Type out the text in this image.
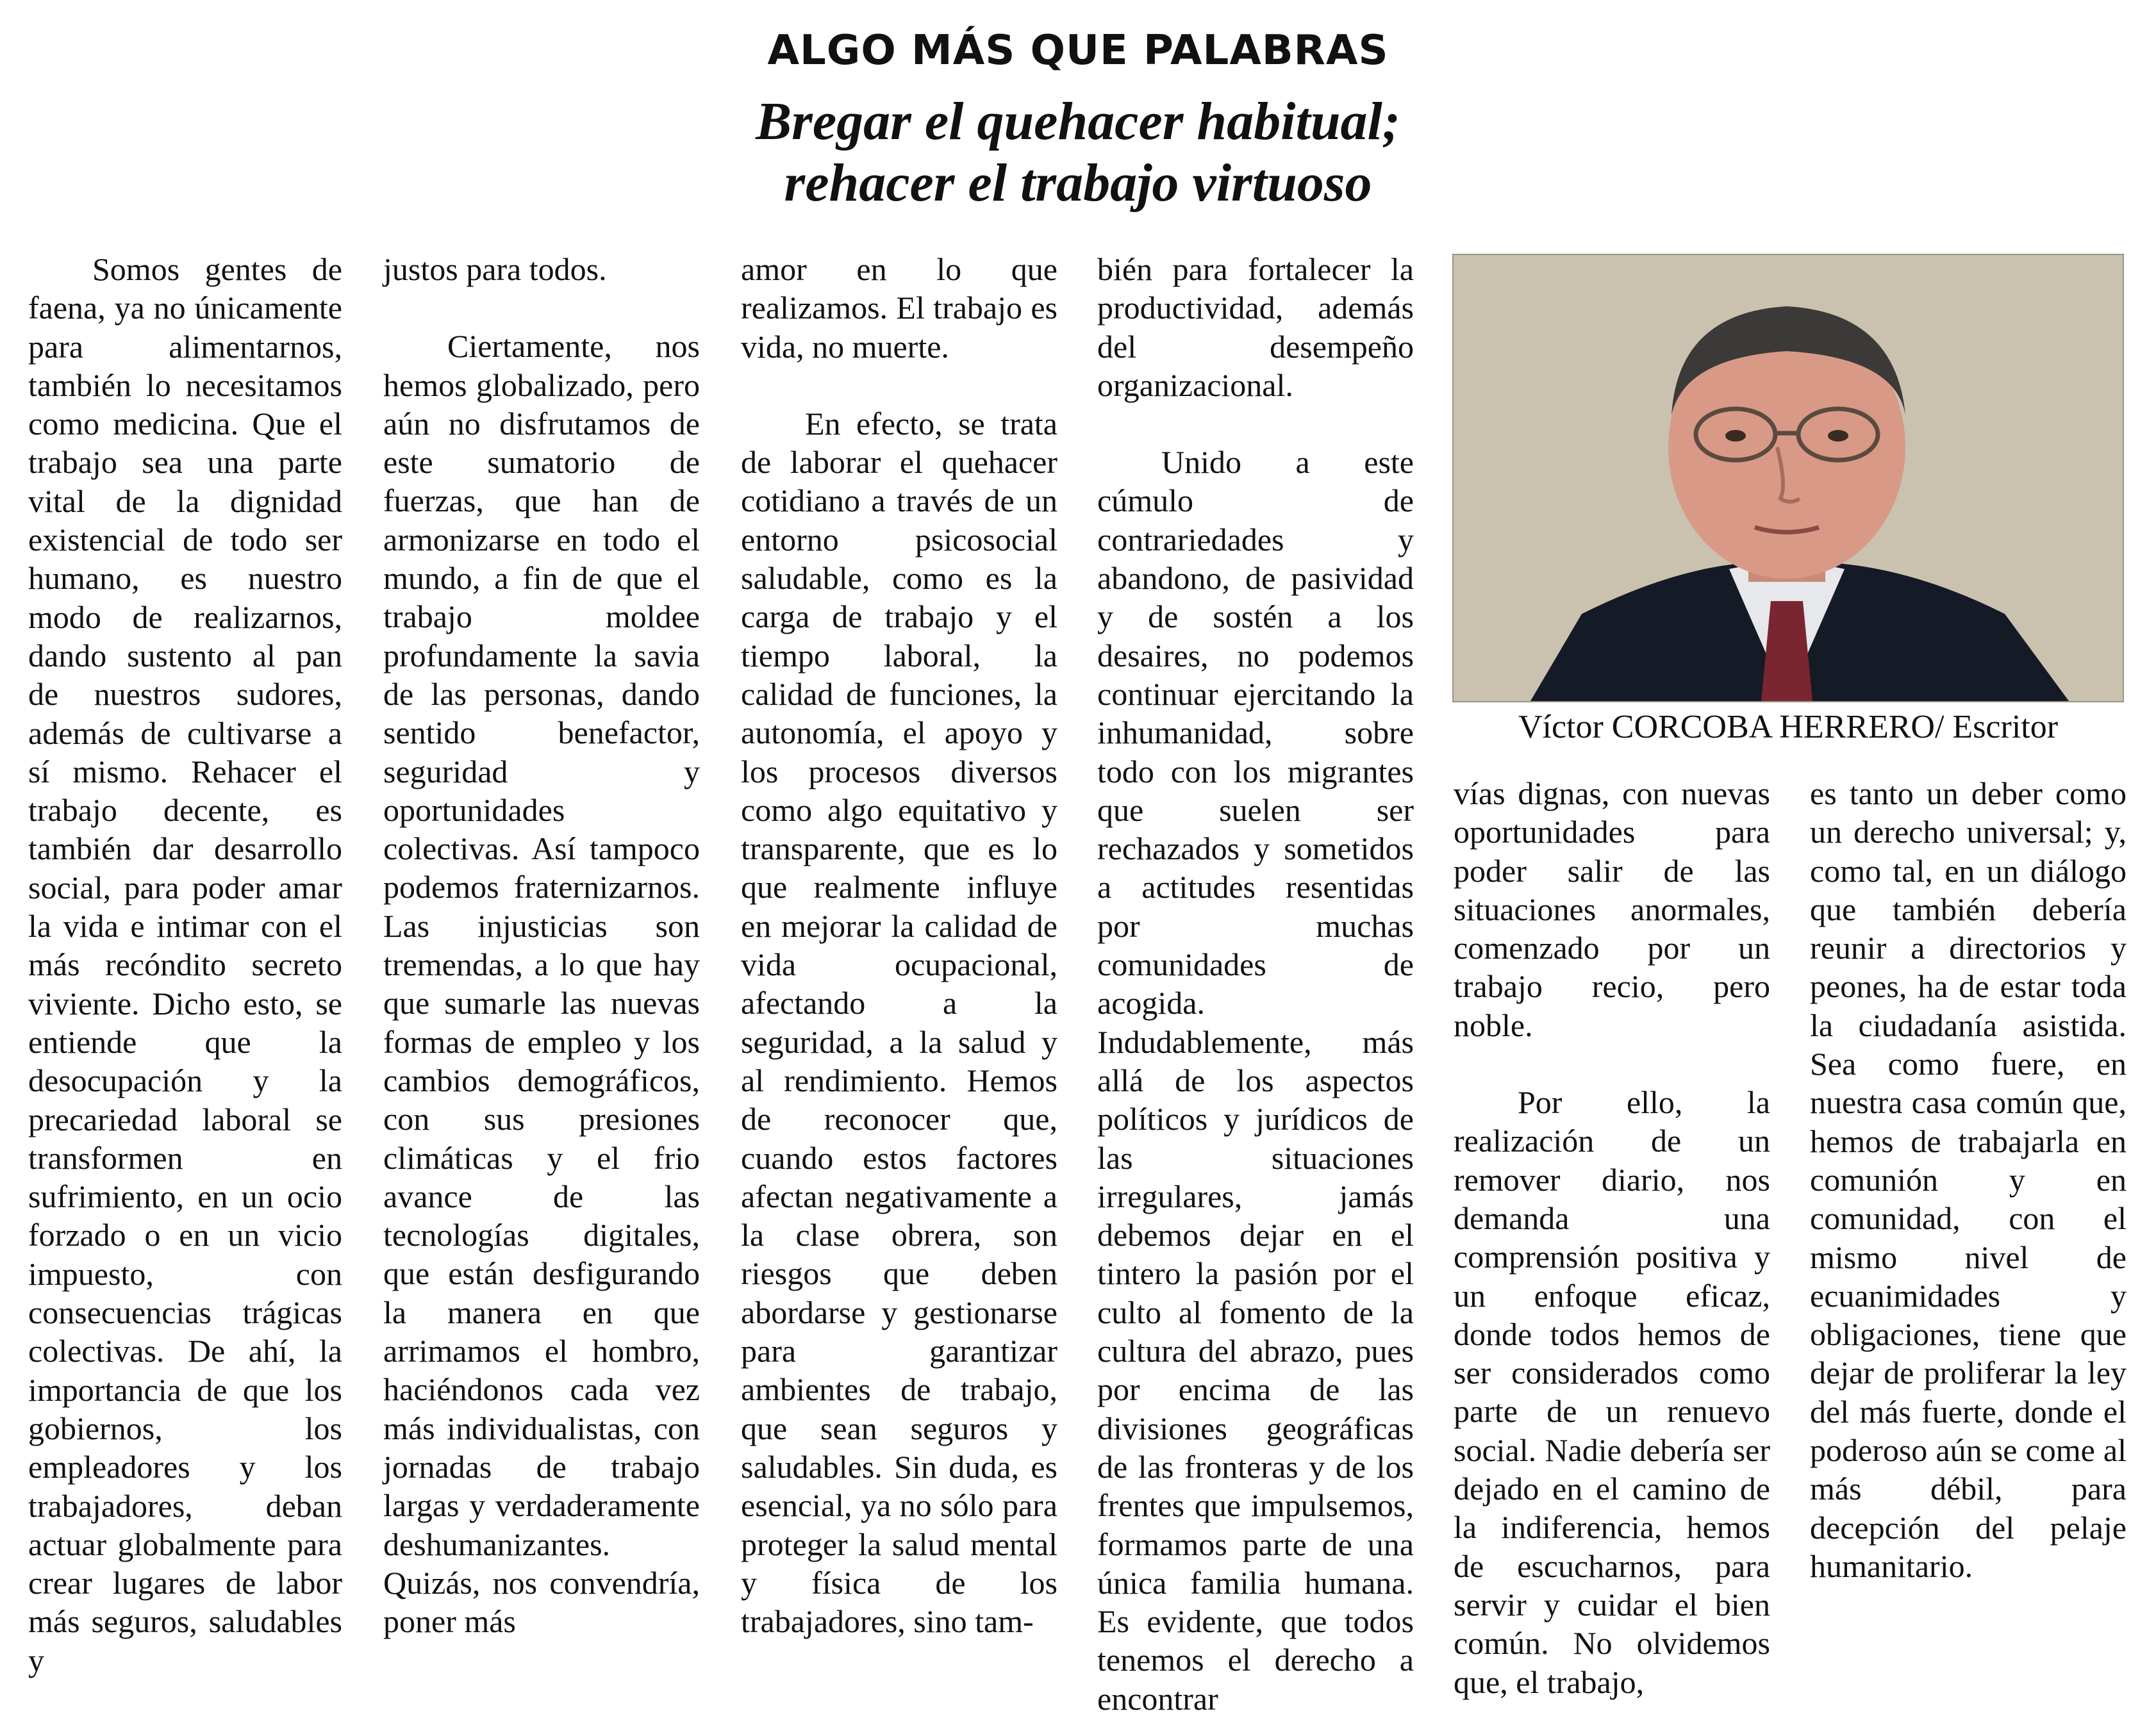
ALGO MÁS QUE PALABRAS
Bregar el quehacer habitual;
rehacer el trabajo virtuoso

Somos gentes de faena, ya no únicamente para alimentarnos, también lo necesitamos como medicina. Que el trabajo sea una parte vital de la dignidad existencial de todo ser humano, es nuestro modo de realizarnos, dando sustento al pan de nuestros sudores, además de cultivarse a sí mismo. Rehacer el trabajo decente, es también dar desarrollo social, para poder amar la vida e intimar con el más recóndito secreto viviente. Dicho esto, se entiende que la desocupación y la precariedad laboral se transformen en sufrimiento, en un ocio forzado o en un vicio impuesto, con consecuencias trágicas colectivas. De ahí, la importancia de que los gobiernos, los empleadores y los trabajadores, deban actuar globalmente para crear lugares de labor más seguros, saludables y

justos para todos.

Ciertamente, nos hemos globalizado, pero aún no disfrutamos de este sumatorio de fuerzas, que han de armonizarse en todo el mundo, a fin de que el trabajo moldee profundamente la savia de las personas, dando sentido benefactor, seguridad y oportunidades colectivas. Así tampoco podemos fraternizarnos. Las injusticias son tremendas, a lo que hay que sumarle las nuevas formas de empleo y los cambios demográficos, con sus presiones climáticas y el frio avance de las tecnologías digitales, que están desfigurando la manera en que arrimamos el hombro, haciéndonos cada vez más individualistas, con jornadas de trabajo largas y verdaderamente deshumanizantes. Quizás, nos convendría, poner más

amor en lo que realizamos. El trabajo es vida, no muerte.

En efecto, se trata de laborar el quehacer cotidiano a través de un entorno psicosocial saludable, como es la carga de trabajo y el tiempo laboral, la calidad de funciones, la autonomía, el apoyo y los procesos diversos como algo equitativo y transparente, que es lo que realmente influye en mejorar la calidad de vida ocupacional, afectando a la seguridad, a la salud y al rendimiento. Hemos de reconocer que, cuando estos factores afectan negativamente a la clase obrera, son riesgos que deben abordarse y gestionarse para garantizar ambientes de trabajo, que sean seguros y saludables. Sin duda, es esencial, ya no sólo para proteger la salud mental y física de los trabajadores, sino tam-

bién para fortalecer la productividad, además del desempeño organizacional.

Unido a este cúmulo de contrariedades y abandono, de pasividad y de sostén a los desaires, no podemos continuar ejercitando la inhumanidad, sobre todo con los migrantes que suelen ser rechazados y sometidos a actitudes resentidas por muchas comunidades de acogida. Indudablemente, más allá de los aspectos políticos y jurídicos de las situaciones irregulares, jamás debemos dejar en el tintero la pasión por el culto al fomento de la cultura del abrazo, pues por encima de las divisiones geográficas de las fronteras y de los frentes que impulsemos, formamos parte de una única familia humana. Es evidente, que todos tenemos el derecho a encontrar

Víctor CORCOBA HERRERO/ Escritor

vías dignas, con nuevas oportunidades para poder salir de las situaciones anormales, comenzado por un trabajo recio, pero noble.

Por ello, la realización de un remover diario, nos demanda una comprensión positiva y un enfoque eficaz, donde todos hemos de ser considerados como parte de un renuevo social. Nadie debería ser dejado en el camino de la indiferencia, hemos de escucharnos, para servir y cuidar el bien común. No olvidemos que, el trabajo,

es tanto un deber como un derecho universal; y, como tal, en un diálogo que también debería reunir a directorios y peones, ha de estar toda la ciudadanía asistida. Sea como fuere, en nuestra casa común que, hemos de trabajarla en comunión y en comunidad, con el mismo nivel de ecuanimidades y obligaciones, tiene que dejar de proliferar la ley del más fuerte, donde el poderoso aún se come al más débil, para decepción del pelaje humanitario.
